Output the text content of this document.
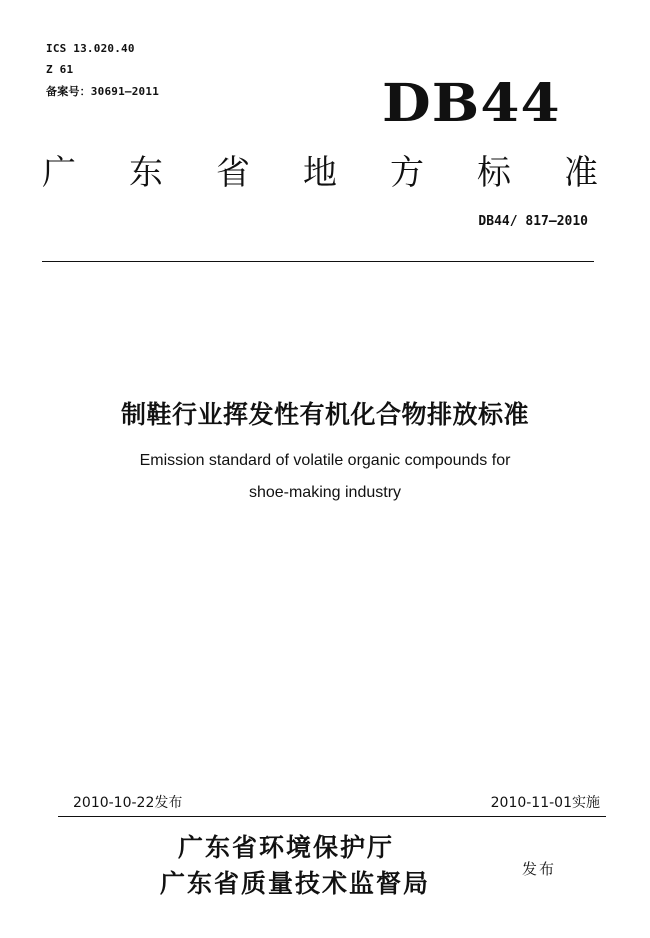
ICS 13.020.40
Z 61
备案号：30691—2011	DB44
广 东 省 地 方 标 准
DB44/ 817—2010
制鞋行业挥发性有机化合物排放标准
Emission standard of volatile organic compounds for
shoe-making industry
2010-10-22发布	2010-11-01实施
广东省环境保护厅
广东省质量技术监督局	发布
